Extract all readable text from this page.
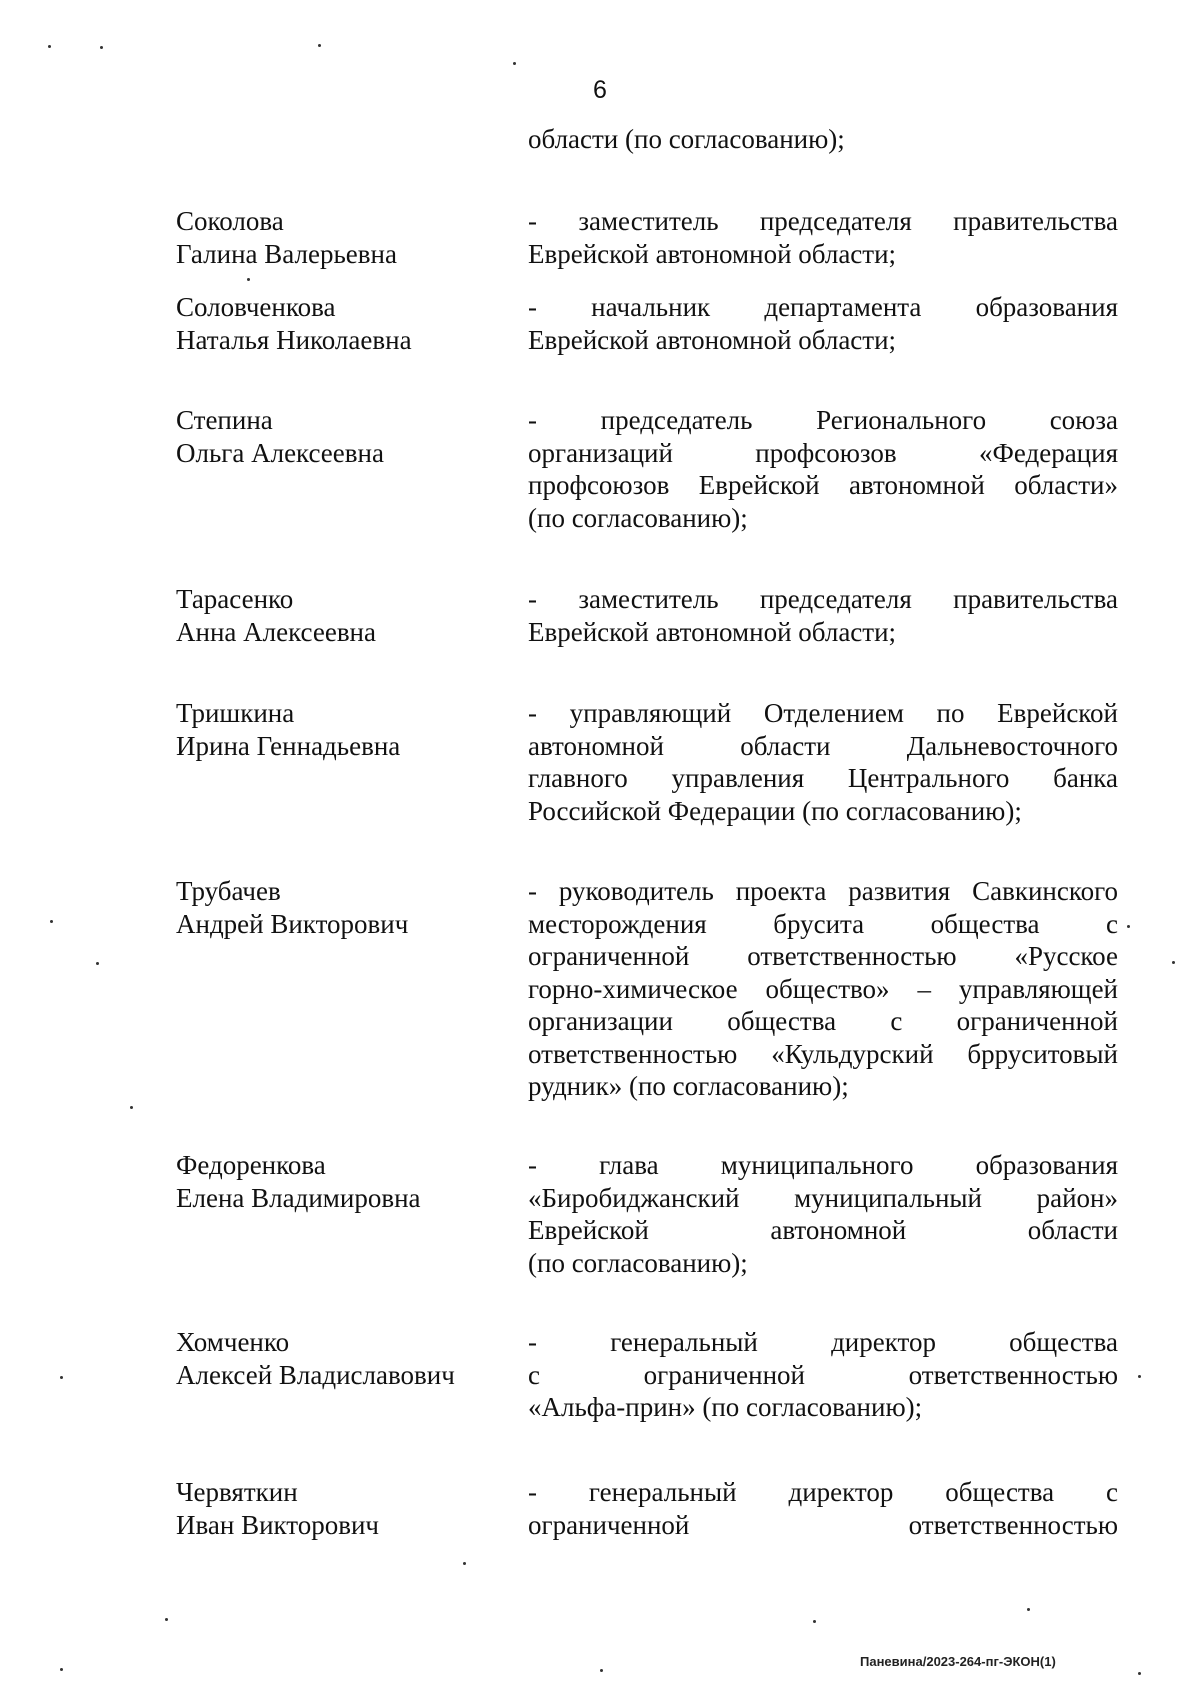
6
области (по согласованию);
Соколова
Галина Валерьевна
- заместитель председателя правительства
Еврейской автономной области;
Соловченкова
Наталья Николаевна
- начальник департамента образования
Еврейской автономной области;
Степина
Ольга Алексеевна
- председатель Регионального союза
организаций профсоюзов «Федерация
профсоюзов Еврейской автономной области»
(по согласованию);
Тарасенко
Анна Алексеевна
- заместитель председателя правительства
Еврейской автономной области;
Тришкина
Ирина Геннадьевна
- управляющий Отделением по Еврейской
автономной области Дальневосточного
главного управления Центрального банка
Российской Федерации (по согласованию);
Трубачев
Андрей Викторович
- руководитель проекта развития Савкинского
месторождения брусита общества с
ограниченной ответственностью «Русское
горно-химическое общество» – управляющей
организации общества с ограниченной
ответственностью «Кульдурский брруситовый
рудник» (по согласованию);
Федоренкова
Елена Владимировна
- глава муниципального образования
«Биробиджанский муниципальный район»
Еврейской автономной области
(по согласованию);
Хомченко
Алексей Владиславович
- генеральный директор общества
с ограниченной ответственностью
«Альфа-прин» (по согласованию);
Червяткин
Иван Викторович
- генеральный директор общества с
ограниченной ответственностью
Паневина/2023-264-пг-ЭКОН(1)
